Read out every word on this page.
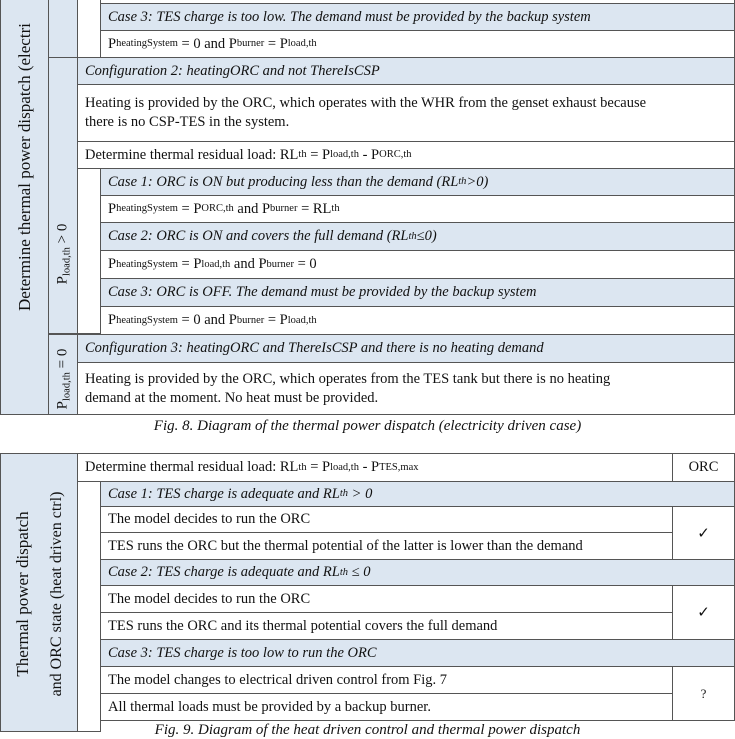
Determine thermal power dispatch (electri
Case 3: TES charge is too low. The demand must be provided by the backup system
P heatingSystem = 0 and P burner = P load,th
$P_{load,th} > 0$
Configuration 2: heatingORC and not ThereIsCSP
Heating is provided by the ORC, which operates with the WHR from the genset exhaust because there is no CSP-TES in the system.
Determine thermal residual load: RL th = P load,th - P ORC,th
Case 1: ORC is ON but producing less than the demand (RL th >0)
P heatingSystem = P ORC,th and P burner = RL th
Case 2: ORC is ON and covers the full demand (RL th ≤0)
P heatingSystem = P load,th and P burner = 0
Case 3: ORC is OFF. The demand must be provided by the backup system
P heatingSystem = 0 and P burner = P load,th
$P_{load,th} = 0$
Configuration 3: heatingORC and ThereIsCSP and there is no heating demand
Heating is provided by the ORC, which operates from the TES tank but there is no heating demand at the moment. No heat must be provided.
Fig. 8. Diagram of the thermal power dispatch (electricity driven case)
Thermal power dispatch and ORC state (heat driven ctrl)
Determine thermal residual load: RL th = P load,th - P TES,max	ORC
Case 1: TES charge is adequate and RL th > 0
The model decides to run the ORC
TES runs the ORC but the thermal potential of the latter is lower than the demand
✓
Case 2: TES charge is adequate and RL th ≤ 0
The model decides to run the ORC
TES runs the ORC and its thermal potential covers the full demand
✓
Case 3: TES charge is too low to run the ORC
The model changes to electrical driven control from Fig. 7
All thermal loads must be provided by a backup burner.
?
Fig. 9. Diagram of the heat driven control and thermal power dispatch
